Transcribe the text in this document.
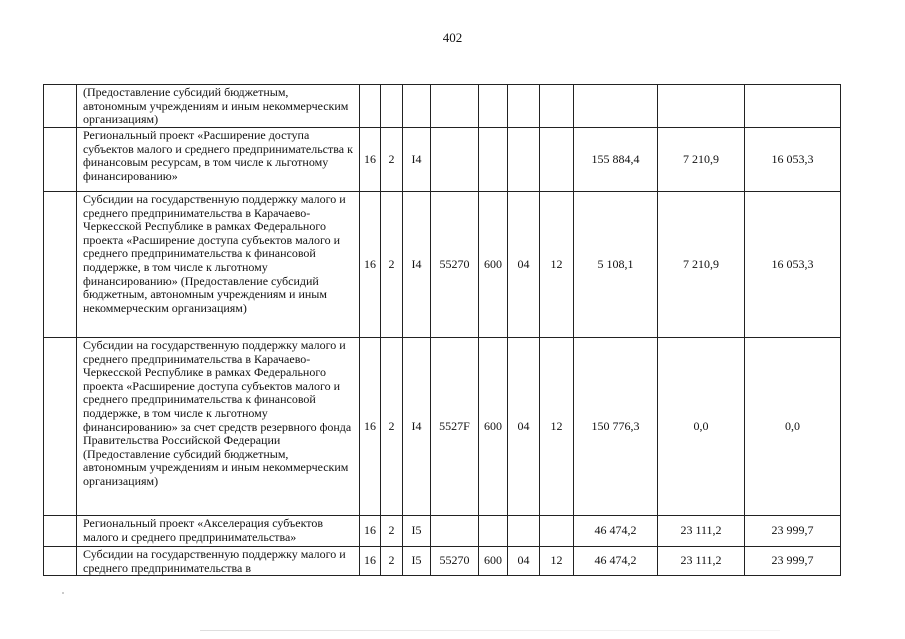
402
	(Предоставление субсидий бюджетным, автономным учреждениям и иным некоммерческим организациям)										
	Региональный проект «Расширение доступа субъектов малого и среднего предпринимательства к финансовым ресурсам, в том числе к льготному финансированию»	16	2	I4					155 884,4	7 210,9	16 053,3
	Субсидии на государственную поддержку малого и среднего предпринимательства в Карачаево-Черкесской Республике в рамках Федерального проекта «Расширение доступа субъектов малого и среднего предпринимательства к финансовой поддержке, в том числе к льготному финансированию» (Предоставление субсидий бюджетным, автономным учреждениям и иным некоммерческим организациям)	16	2	I4	55270	600	04	12	5 108,1	7 210,9	16 053,3
	Субсидии на государственную поддержку малого и среднего предпринимательства в Карачаево-Черкесской Республике в рамках Федерального проекта «Расширение доступа субъектов малого и среднего предпринимательства к финансовой поддержке, в том числе к льготному финансированию» за счет средств резервного фонда Правительства Российской Федерации (Предоставление субсидий бюджетным, автономным учреждениям и иным некоммерческим организациям)	16	2	I4	5527F	600	04	12	150 776,3	0,0	0,0
	Региональный проект «Акселерация субъектов малого и среднего предпринимательства»	16	2	I5					46 474,2	23 111,2	23 999,7
	Субсидии на государственную поддержку малого и среднего предпринимательства в	16	2	I5	55270	600	04	12	46 474,2	23 111,2	23 999,7
